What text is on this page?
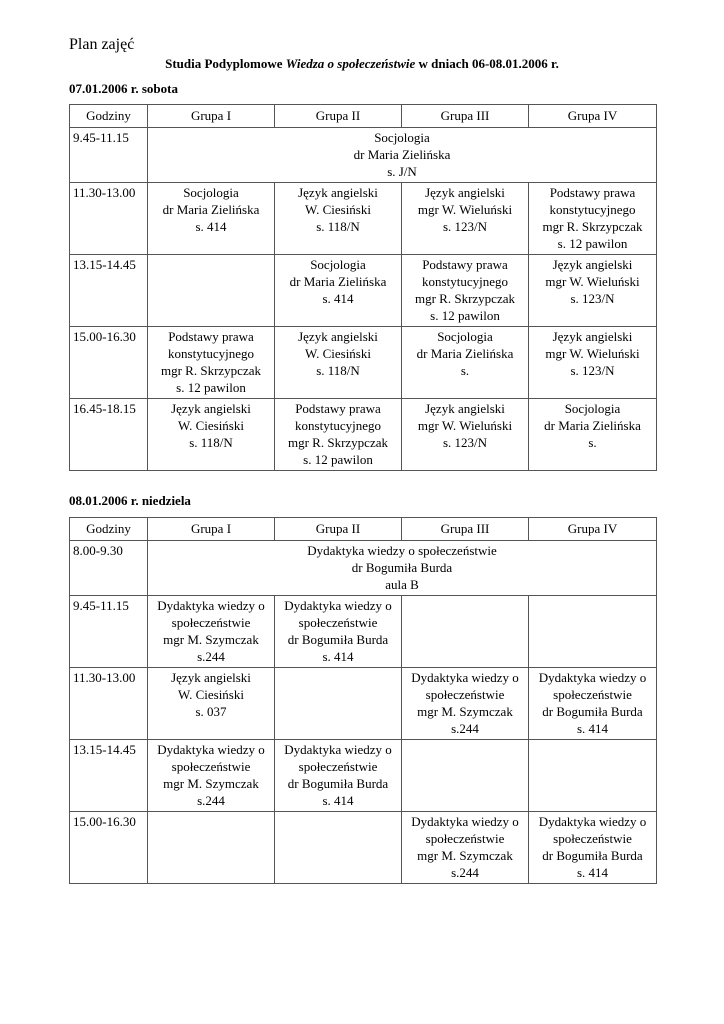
Plan zajęć
Studia Podyplomowe Wiedza o społeczeństwie w dniach 06-08.01.2006 r.
07.01.2006 r. sobota
Godziny	Grupa I	Grupa II	Grupa III	Grupa IV
9.45-11.15	Socjologia
dr Maria Zielińska
s. J/N			

11.30-13.00	Socjologia
dr Maria Zielińska
s. 414	Język angielski
W. Ciesiński
s. 118/N	Język angielski
mgr W. Wieluński
s. 123/N	Podstawy prawa
konstytucyjnego
mgr R. Skrzypczak
s. 12 pawilon

13.15-14.45		Socjologia
dr Maria Zielińska
s. 414	Podstawy prawa
konstytucyjnego
mgr R. Skrzypczak
s. 12 pawilon	Język angielski
mgr W. Wieluński
s. 123/N

15.00-16.30	Podstawy prawa
konstytucyjnego
mgr R. Skrzypczak
s. 12 pawilon	Język angielski
W. Ciesiński
s. 118/N	Socjologia
dr Maria Zielińska
s.	Język angielski
mgr W. Wieluński
s. 123/N

16.45-18.15	Język angielski
W. Ciesiński
s. 118/N	Podstawy prawa
konstytucyjnego
mgr R. Skrzypczak
s. 12 pawilon	Język angielski
mgr W. Wieluński
s. 123/N	Socjologia
dr Maria Zielińska
s.
08.01.2006 r. niedziela
Godziny	Grupa I	Grupa II	Grupa III	Grupa IV
8.00-9.30	Dydaktyka wiedzy o społeczeństwie
dr Bogumiła Burda
aula B			

9.45-11.15	Dydaktyka wiedzy o
społeczeństwie
mgr M. Szymczak
s.244	Dydaktyka wiedzy o
społeczeństwie
dr Bogumiła Burda
s. 414		

11.30-13.00	Język angielski
W. Ciesiński
s. 037		Dydaktyka wiedzy o
społeczeństwie
mgr M. Szymczak
s.244	Dydaktyka wiedzy o
społeczeństwie
dr Bogumiła Burda
s. 414

13.15-14.45	Dydaktyka wiedzy o
społeczeństwie
mgr M. Szymczak
s.244	Dydaktyka wiedzy o
społeczeństwie
dr Bogumiła Burda
s. 414		

15.00-16.30			Dydaktyka wiedzy o
społeczeństwie
mgr M. Szymczak
s.244	Dydaktyka wiedzy o
społeczeństwie
dr Bogumiła Burda
s. 414
